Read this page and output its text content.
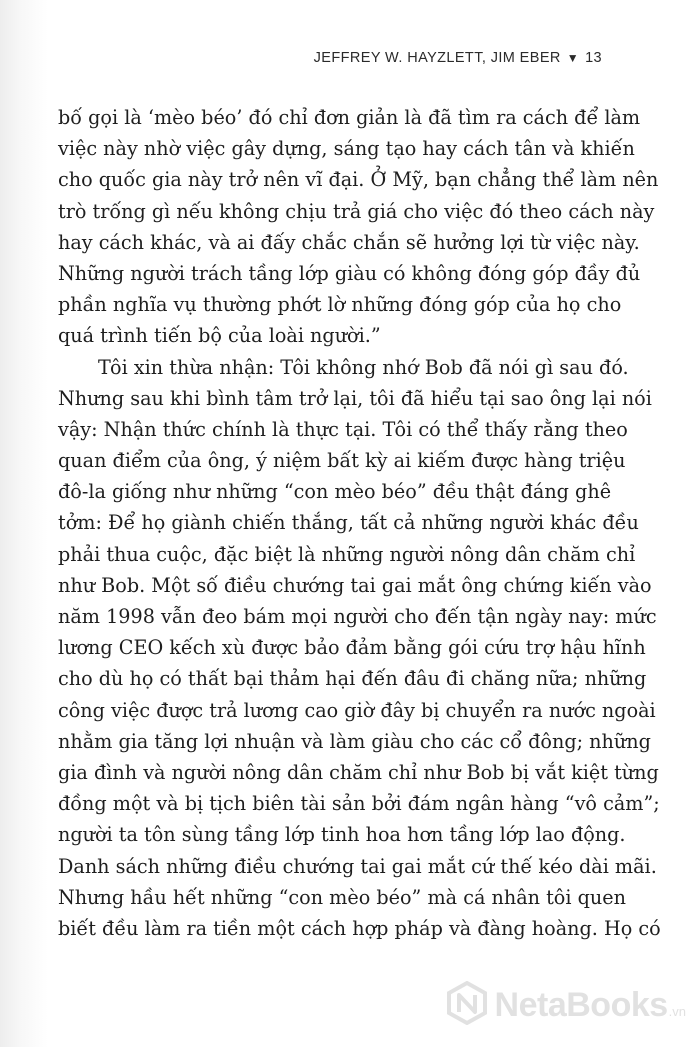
JEFFREY W. HAYZLETT, JIM EBER ▼ 13

bố gọi là ‘mèo béo’ đó chỉ đơn giản là đã tìm ra cách để làm
việc này nhờ việc gây dựng, sáng tạo hay cách tân và khiến
cho quốc gia này trở nên vĩ đại. Ở Mỹ, bạn chẳng thể làm nên
trò trống gì nếu không chịu trả giá cho việc đó theo cách này
hay cách khác, và ai đấy chắc chắn sẽ hưởng lợi từ việc này.
Những người trách tầng lớp giàu có không đóng góp đầy đủ
phần nghĩa vụ thường phớt lờ những đóng góp của họ cho
quá trình tiến bộ của loài người.”

Tôi xin thừa nhận: Tôi không nhớ Bob đã nói gì sau đó.
Nhưng sau khi bình tâm trở lại, tôi đã hiểu tại sao ông lại nói
vậy: Nhận thức chính là thực tại. Tôi có thể thấy rằng theo
quan điểm của ông, ý niệm bất kỳ ai kiếm được hàng triệu
đô-la giống như những “con mèo béo” đều thật đáng ghê
tởm: Để họ giành chiến thắng, tất cả những người khác đều
phải thua cuộc, đặc biệt là những người nông dân chăm chỉ
như Bob. Một số điều chướng tai gai mắt ông chứng kiến vào
năm 1998 vẫn đeo bám mọi người cho đến tận ngày nay: mức
lương CEO kếch xù được bảo đảm bằng gói cứu trợ hậu hĩnh
cho dù họ có thất bại thảm hại đến đâu đi chăng nữa; những
công việc được trả lương cao giờ đây bị chuyển ra nước ngoài
nhằm gia tăng lợi nhuận và làm giàu cho các cổ đông; những
gia đình và người nông dân chăm chỉ như Bob bị vắt kiệt từng
đồng một và bị tịch biên tài sản bởi đám ngân hàng “vô cảm”;
người ta tôn sùng tầng lớp tinh hoa hơn tầng lớp lao động.
Danh sách những điều chướng tai gai mắt cứ thế kéo dài mãi.
Nhưng hầu hết những “con mèo béo” mà cá nhân tôi quen
biết đều làm ra tiền một cách hợp pháp và đàng hoàng. Họ có

NetaBooks .vn
